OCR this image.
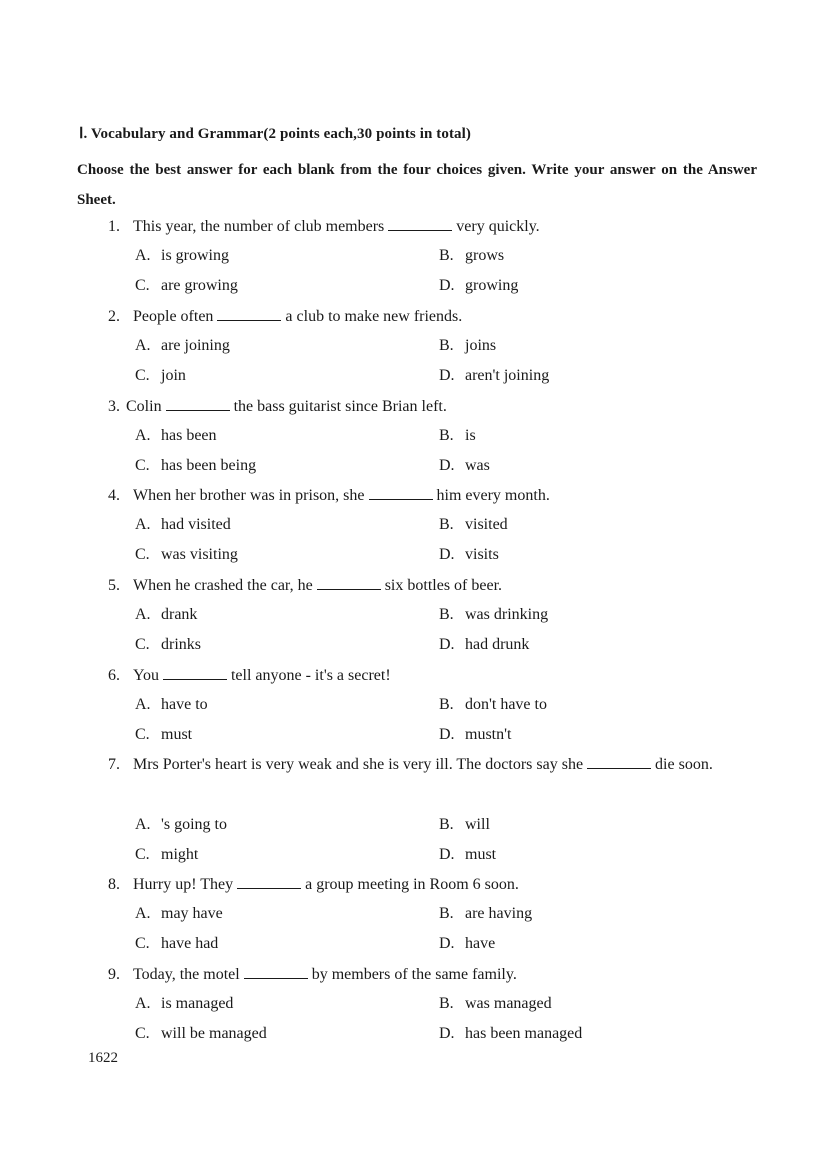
Ⅰ. Vocabulary and Grammar(2 points each,30 points in total)
Choose the best answer for each blank from the four choices given. Write your answer on the Answer Sheet.
1. This year, the number of club members	very quickly.
A. is growing	B. grows
C. are growing	D. growing
2. People often	a club to make new friends.
A. are joining	B. joins
C. join	D. aren't joining
3. Colin	the bass guitarist since Brian left.
A. has been	B. is
C. has been being	D. was
4. When her brother was in prison, she	him every month.
A. had visited	B. visited
C. was visiting	D. visits
5. When he crashed the car, he	six bottles of beer.
A. drank	B. was drinking
C. drinks	D. had drunk
6. You	tell anyone - it's a secret!
A. have to	B. don't have to
C. must	D. mustn't
7. Mrs Porter's heart is very weak and she is very ill. The doctors say she	die soon.
A. 's going to	B. will
C. might	D. must
8. Hurry up! They	a group meeting in Room 6 soon.
A. may have	B. are having
C. have had	D. have
9. Today, the motel	by members of the same family.
A. is managed	B. was managed
C. will be managed	D. has been managed
1622
